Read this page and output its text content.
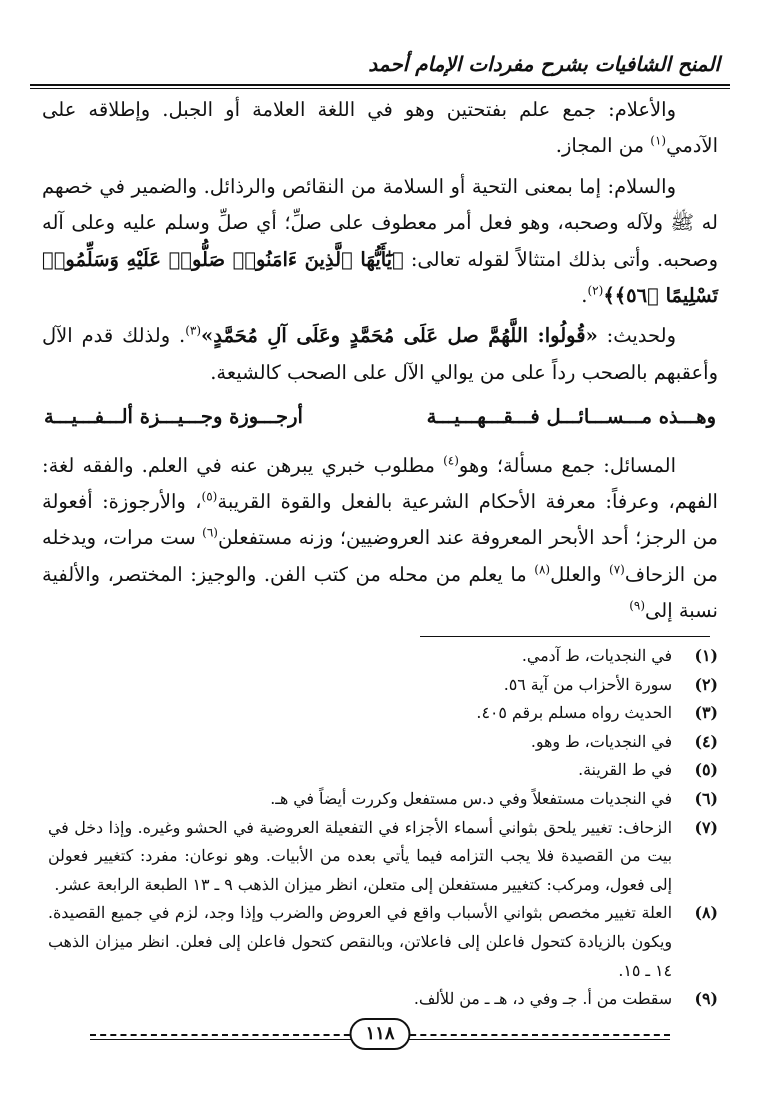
المنح الشافيات بشرح مفردات الإمام أحمد

والأعلام: جمع علم بفتحتين وهو في اللغة العلامة أو الجبل. وإطلاقه على الآدمي$^{(١)}$ من المجاز.

والسلام: إما بمعنى التحية أو السلامة من النقائص والرذائل. والضمير في خصهم له ﷺ ولآله وصحبه، وهو فعل أمر معطوف على صلِّ؛ أي صلِّ وسلم عليه وعلى آله وصحبه. وأتى بذلك امتثالاً لقوله تعالى: ﴿يَٰٓأَيُّهَا ٱلَّذِينَ ءَامَنُوا۟ صَلُّوا۟ عَلَيْهِ وَسَلِّمُوا۟ تَسْلِيمًا ﴿٥٦﴾﴾$^{(٢)}$.

ولحديث: «قُولُوا: اللَّهُمَّ صل عَلَى مُحَمَّدٍ وعَلَى آلِ مُحَمَّدٍ»$^{(٣)}$. ولذلك قدم الآل وأعقبهم بالصحب رداً على من يوالي الآل على الصحب كالشيعة.

وهـــذه مـــســـائـــل فـــقـــهـــيـــة
أرجـــوزة وجـــيـــزة ألـــفـــيـــة

المسائل: جمع مسألة؛ وهو$^{(٤)}$ مطلوب خبري يبرهن عنه في العلم. والفقه لغة: الفهم، وعرفاً: معرفة الأحكام الشرعية بالفعل والقوة القريبة$^{(٥)}$، والأرجوزة: أفعولة من الرجز؛ أحد الأبحر المعروفة عند العروضيين؛ وزنه مستفعلن$^{(٦)}$ ست مرات، ويدخله من الزحاف$^{(٧)}$ والعلل$^{(٨)}$ ما يعلم من محله من كتب الفن. والوجيز: المختصر، والألفية نسبة إلى$^{(٩)}$

(١)
في النجديات، ط آدمي.
(٢)
سورة الأحزاب من آية ٥٦.
(٣)
الحديث رواه مسلم برقم ٤٠٥.
(٤)
في النجديات، ط وهو.
(٥)
في ط القرينة.
(٦)
في النجديات مستفعلاً وفي د.س مستفعل وكررت أيضاً في هـ.
(٧)
الزحاف: تغيير يلحق بثواني أسماء الأجزاء في التفعيلة العروضية في الحشو وغيره. وإذا دخل في بيت من القصيدة فلا يجب التزامه فيما يأتي بعده من الأبيات. وهو نوعان: مفرد: كتغيير فعولن إلى فعول، ومركب: كتغيير مستفعلن إلى متعلن، انظر ميزان الذهب ٩ ـ ١٣ الطبعة الرابعة عشر.
(٨)
العلة تغيير مخصص بثواني الأسباب واقع في العروض والضرب وإذا وجد، لزم في جميع القصيدة. ويكون بالزيادة كتحول فاعلن إلى فاعلاتن، وبالنقص كتحول فاعلن إلى فعلن. انظر ميزان الذهب ١٤ ـ ١٥.
(٩)
سقطت من أ. جـ وفي د، هـ ـ من للألف.
١١٨
